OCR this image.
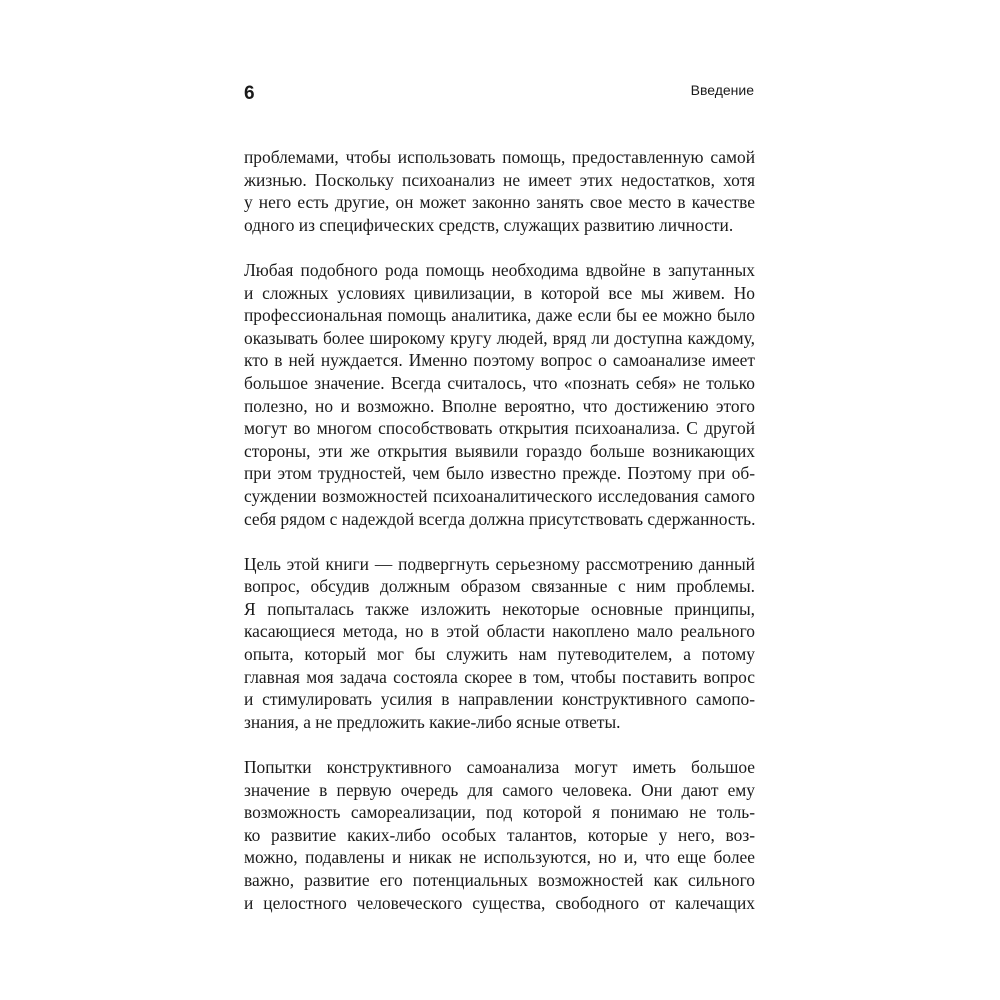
6	Введение

проблемами, чтобы использовать помощь, предоставленную самой
жизнью. Поскольку психоанализ не имеет этих недостатков, хотя
у него есть другие, он может законно занять свое место в качестве
одного из специфических средств, служащих развитию личности.

Любая подобного рода помощь необходима вдвойне в запутанных
и сложных условиях цивилизации, в которой все мы живем. Но
профессиональная помощь аналитика, даже если бы ее можно было
оказывать более широкому кругу людей, вряд ли доступна каждому,
кто в ней нуждается. Именно поэтому вопрос о самоанализе имеет
большое значение. Всегда считалось, что «познать себя» не только
полезно, но и возможно. Вполне вероятно, что достижению этого
могут во многом способствовать открытия психоанализа. С другой
стороны, эти же открытия выявили гораздо больше возникающих
при этом трудностей, чем было известно прежде. Поэтому при об-
суждении возможностей психоаналитического исследования самого
себя рядом с надеждой всегда должна присутствовать сдержанность.

Цель этой книги — подвергнуть серьезному рассмотрению данный
вопрос, обсудив должным образом связанные с ним проблемы.
Я попыталась также изложить некоторые основные принципы,
касающиеся метода, но в этой области накоплено мало реального
опыта, который мог бы служить нам путеводителем, а потому
главная моя задача состояла скорее в том, чтобы поставить вопрос
и стимулировать усилия в направлении конструктивного самопо-
знания, а не предложить какие-либо ясные ответы.

Попытки конструктивного самоанализа могут иметь большое
значение в первую очередь для самого человека. Они дают ему
возможность самореализации, под которой я понимаю не толь-
ко развитие каких-либо особых талантов, которые у него, воз-
можно, подавлены и никак не используются, но и, что еще более
важно, развитие его потенциальных возможностей как сильного
и целостного человеческого существа, свободного от калечащих
